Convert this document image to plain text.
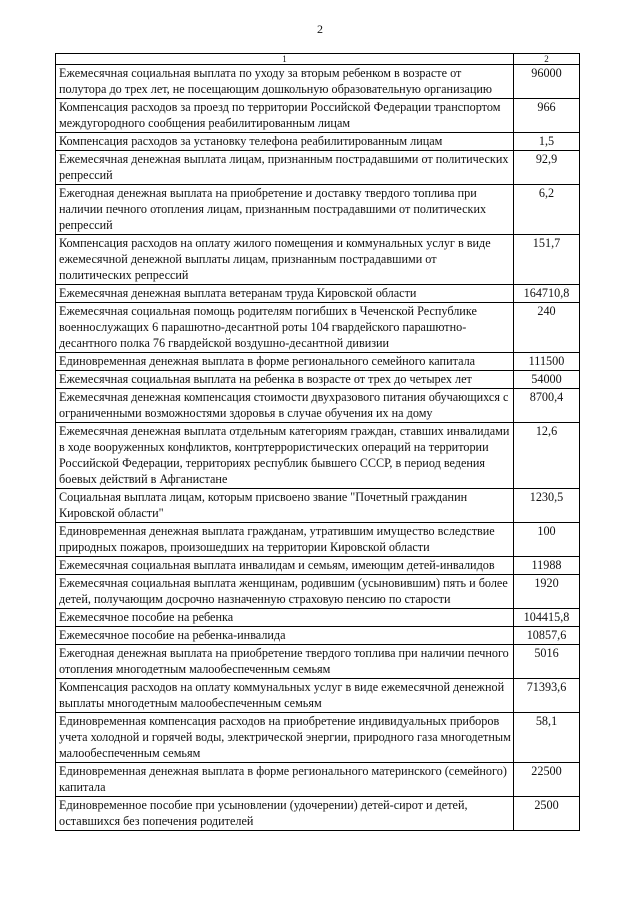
2
1	2
Ежемесячная социальная выплата по уходу за вторым ребенком в возрасте от полутора до трех лет, не посещающим дошкольную образовательную организацию	96000
Компенсация расходов за проезд по территории Российской Федерации транспортом междугородного сообщения реабилитированным лицам	966
Компенсация расходов за установку телефона реабилитированным лицам	1,5
Ежемесячная денежная выплата лицам, признанным пострадавшими от политических репрессий	92,9
Ежегодная денежная выплата на приобретение и доставку твердого топлива при наличии печного отопления лицам, признанным пострадавшими от политических репрессий	6,2
Компенсация расходов на оплату жилого помещения и коммунальных услуг в виде ежемесячной денежной выплаты лицам, признанным пострадавшими от политических репрессий	151,7
Ежемесячная денежная выплата ветеранам труда Кировской области	164710,8
Ежемесячная социальная помощь родителям погибших в Чеченской Республике военнослужащих 6 парашютно-десантной роты 104 гвардейского парашютно-десантного полка 76 гвардейской воздушно-десантной дивизии	240
Единовременная денежная выплата в форме регионального семейного капитала	111500
Ежемесячная социальная выплата на ребенка в возрасте от трех до четырех лет	54000
Ежемесячная денежная компенсация стоимости двухразового питания обучающихся с ограниченными возможностями здоровья в случае обучения их на дому	8700,4
Ежемесячная денежная выплата отдельным категориям граждан, ставших инвалидами в ходе вооруженных конфликтов, контртеррористических операций на территории Российской Федерации, территориях республик бывшего СССР, в период ведения боевых действий в Афганистане	12,6
Социальная выплата лицам, которым присвоено звание "Почетный гражданин Кировской области"	1230,5
Единовременная денежная выплата гражданам, утратившим имущество вследствие природных пожаров, произошедших на территории Кировской области	100
Ежемесячная социальная выплата инвалидам и семьям, имеющим детей-инвалидов	11988
Ежемесячная социальная выплата женщинам, родившим (усыновившим) пять и более детей, получающим досрочно назначенную страховую пенсию по старости	1920
Ежемесячное пособие на ребенка	104415,8
Ежемесячное пособие на ребенка-инвалида	10857,6
Ежегодная денежная выплата на приобретение твердого топлива при наличии печного отопления многодетным малообеспеченным семьям	5016
Компенсация расходов на оплату коммунальных услуг в виде ежемесячной денежной выплаты многодетным малообеспеченным семьям	71393,6
Единовременная компенсация расходов на приобретение индивидуальных приборов учета холодной и горячей воды, электрической энергии, природного газа многодетным малообеспеченным семьям	58,1
Единовременная денежная выплата в форме регионального материнского (семейного) капитала	22500
Единовременное пособие при усыновлении (удочерении) детей-сирот и детей, оставшихся без попечения родителей	2500
